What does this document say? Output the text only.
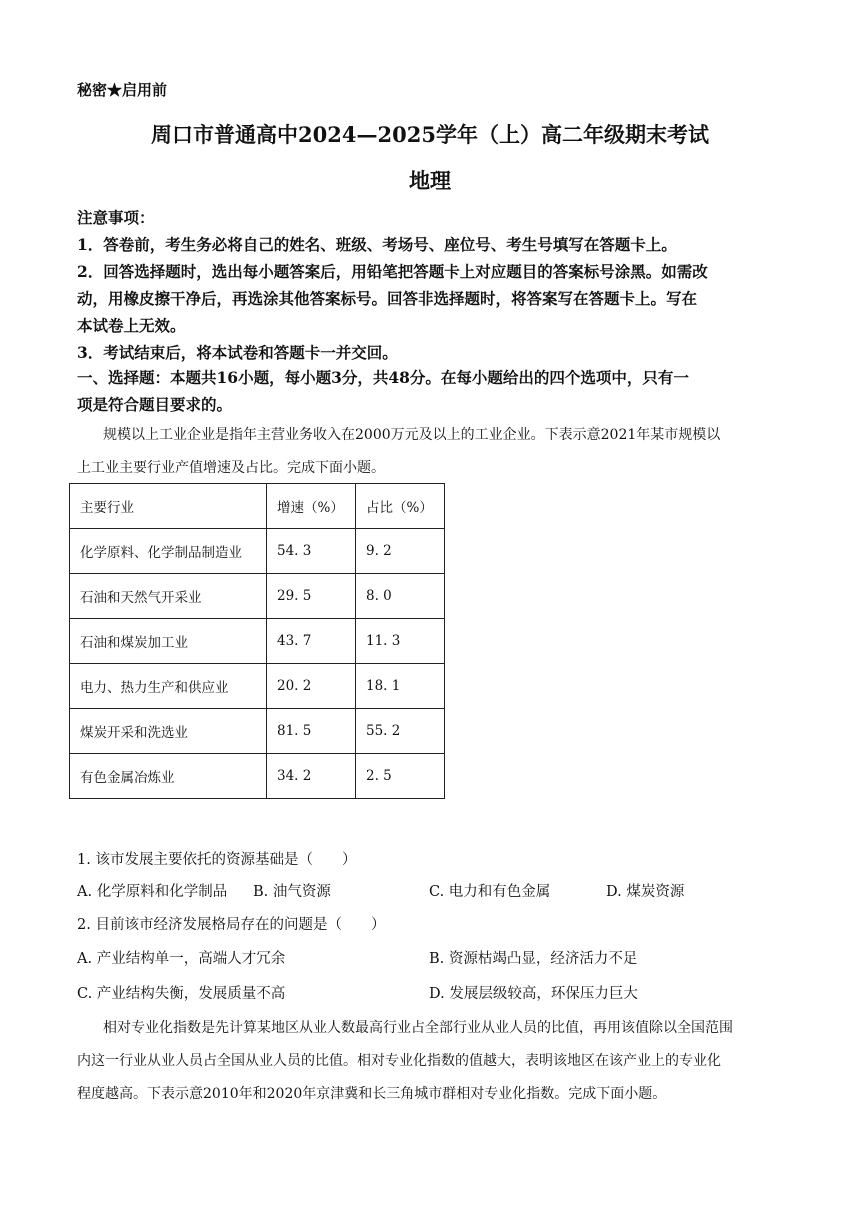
秘密★启用前
周口市普通高中2024—2025学年（上）高二年级期末考试
地理
注意事项：
1．答卷前，考生务必将自己的姓名、班级、考场号、座位号、考生号填写在答题卡上。
2．回答选择题时，选出每小题答案后，用铅笔把答题卡上对应题目的答案标号涂黑。如需改
动，用橡皮擦干净后，再选涂其他答案标号。回答非选择题时，将答案写在答题卡上。写在
本试卷上无效。
3．考试结束后，将本试卷和答题卡一并交回。
一、选择题：本题共16小题，每小题3分，共48分。在每小题给出的四个选项中，只有一
项是符合题目要求的。
规模以上工业企业是指年主营业务收入在2000万元及以上的工业企业。下表示意2021年某市规模以
上工业主要行业产值增速及占比。完成下面小题。
主要行业	增速（%）	占比（%）
化学原料、化学制品制造业	54. 3	9. 2
石油和天然气开采业	29. 5	8. 0
石油和煤炭加工业	43. 7	11. 3
电力、热力生产和供应业	20. 2	18. 1
煤炭开采和洗选业	81. 5	55. 2
有色金属冶炼业	34. 2	2. 5
1. 该市发展主要依托的资源基础是（　　）
A. 化学原料和化学制品 B. 油气资源	C. 电力和有色金属	D. 煤炭资源
2. 目前该市经济发展格局存在的问题是（　　）
A. 产业结构单一，高端人才冗余	B. 资源枯竭凸显，经济活力不足
C. 产业结构失衡，发展质量不高	D. 发展层级较高，环保压力巨大
相对专业化指数是先计算某地区从业人数最高行业占全部行业从业人员的比值，再用该值除以全国范围
内这一行业从业人员占全国从业人员的比值。相对专业化指数的值越大，表明该地区在该产业上的专业化
程度越高。下表示意2010年和2020年京津冀和长三角城市群相对专业化指数。完成下面小题。
